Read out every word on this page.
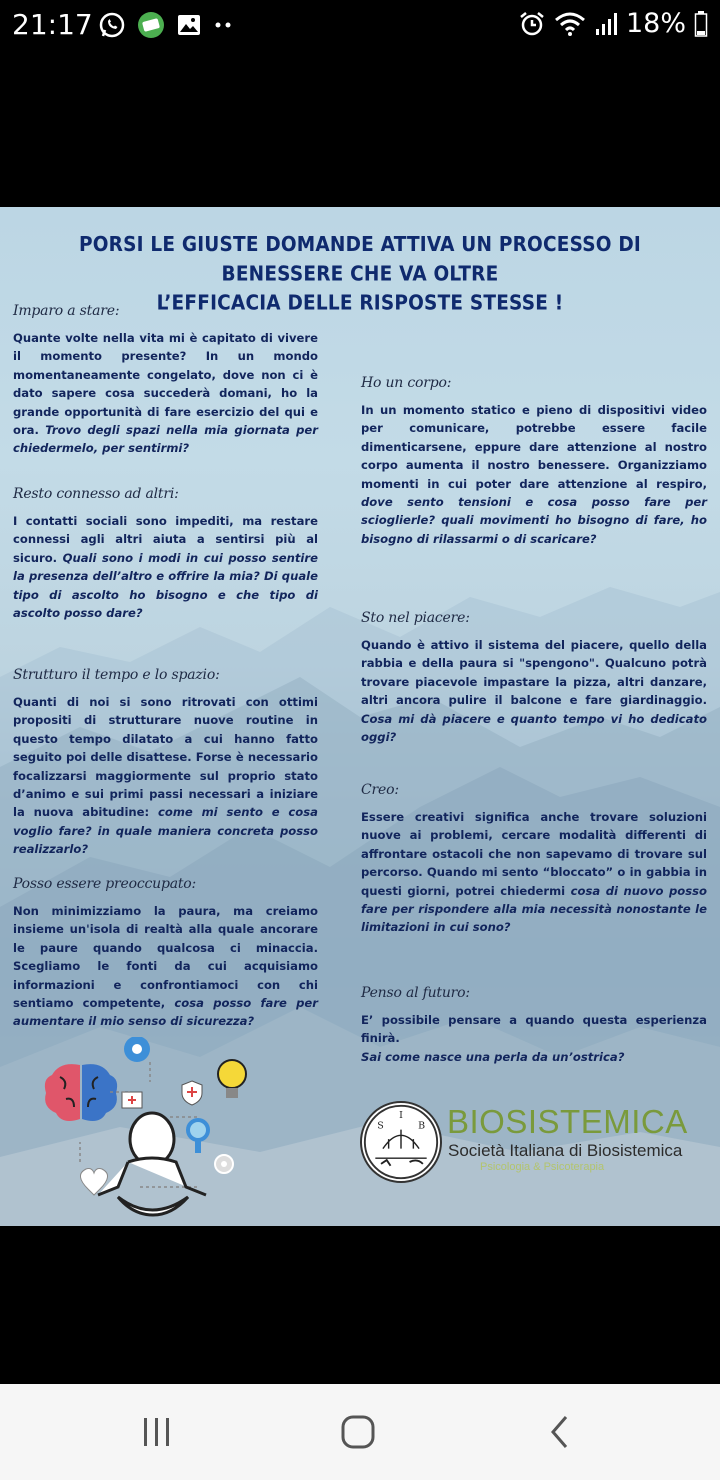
21:17	18%
PORSI LE GIUSTE DOMANDE ATTIVA UN PROCESSO DI BENESSERE CHE VA OLTRE
L’EFFICACIA DELLE RISPOSTE STESSE !
Imparo a stare:
Quante volte nella vita mi è capitato di vivere il momento presente? In un mondo momentaneamente congelato, dove non ci è dato sapere cosa succederà domani, ho la grande opportunità di fare esercizio del qui e ora. Trovo degli spazi nella mia giornata per chiedermelo, per sentirmi?
Resto connesso ad altri:
I contatti sociali sono impediti, ma restare connessi agli altri aiuta a sentirsi più al sicuro. Quali sono i modi in cui posso sentire la presenza dell’altro e offrire la mia? Di quale tipo di ascolto ho bisogno e che tipo di ascolto posso dare?
Strutturo il tempo e lo spazio:
Quanti di noi si sono ritrovati con ottimi propositi di strutturare nuove routine in questo tempo dilatato a cui hanno fatto seguito poi delle disattese. Forse è necessario focalizzarsi maggiormente sul proprio stato d’animo e sui primi passi necessari a iniziare la nuova abitudine: come mi sento e cosa voglio fare? in quale maniera concreta posso realizzarlo?
Posso essere preoccupato:
Non minimizziamo la paura, ma creiamo insieme un'isola di realtà alla quale ancorare le paure quando qualcosa ci minaccia. Scegliamo le fonti da cui acquisiamo informazioni e confrontiamoci con chi sentiamo competente, cosa posso fare per aumentare il mio senso di sicurezza?
Ho un corpo:
In un momento statico e pieno di dispositivi video per comunicare, potrebbe essere facile dimenticarsene, eppure dare attenzione al nostro corpo aumenta il nostro benessere. Organizziamo momenti in cui poter dare attenzione al respiro, dove sento tensioni e cosa posso fare per scioglierle? quali movimenti ho bisogno di fare, ho bisogno di rilassarmi o di scaricare?
Sto nel piacere:
Quando è attivo il sistema del piacere, quello della rabbia e della paura si "spengono". Qualcuno potrà trovare piacevole impastare la pizza, altri danzare, altri ancora pulire il balcone e fare giardinaggio. Cosa mi dà piacere e quanto tempo vi ho dedicato oggi?
Creo:
Essere creativi significa anche trovare soluzioni nuove ai problemi, cercare modalità differenti di affrontare ostacoli che non sapevamo di trovare sul percorso. Quando mi sento “bloccato” o in gabbia in questi giorni, potrei chiedermi cosa di nuovo posso fare per rispondere alla mia necessità nonostante le limitazioni in cui sono?
Penso al futuro:
E’ possibile pensare a quando questa esperienza finirà.
Sai come nasce una perla da un’ostrica?
S
I
B BIOSISTEMICA
Società Italiana di Biosistemica
Psicologia & Psicoterapia
